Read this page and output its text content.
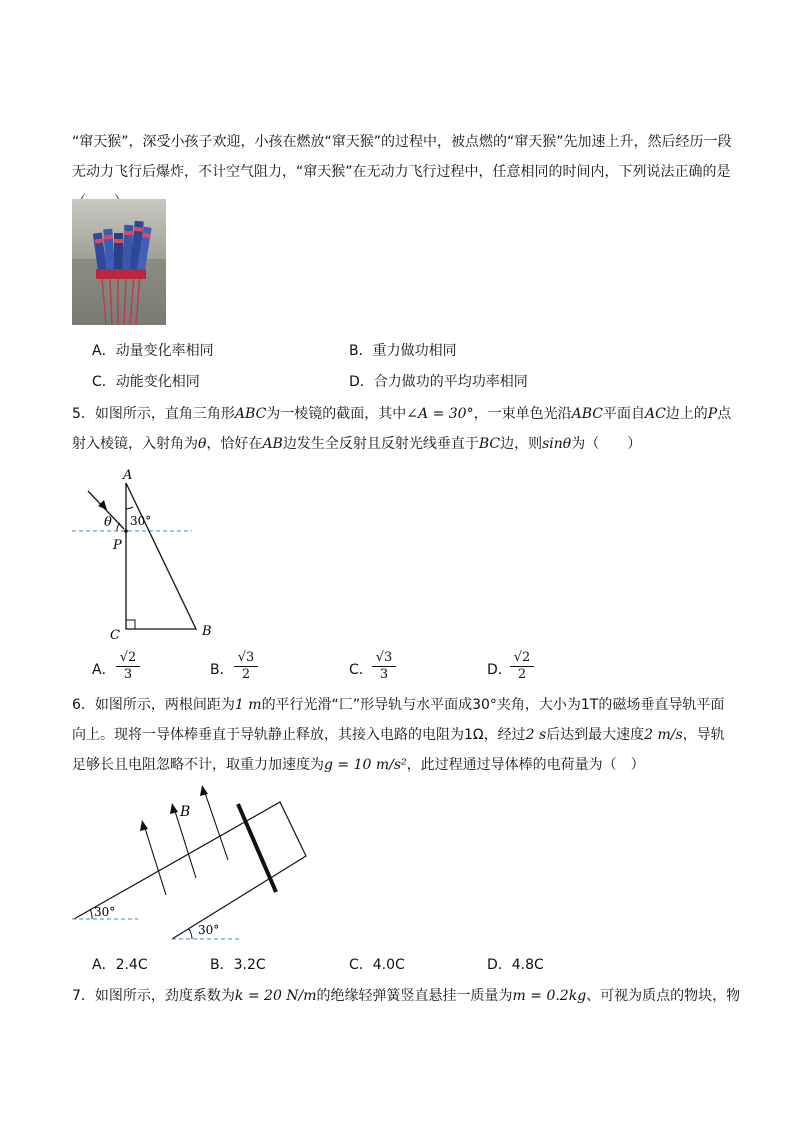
“窜天猴”，深受小孩子欢迎，小孩在燃放“窜天猴”的过程中，被点燃的“窜天猴”先加速上升，然后经历一段
无动力飞行后爆炸，不计空气阻力，“窜天猴”在无动力飞行过程中，任意相同的时间内，下列说法正确的是

A．动量变化率相同	B．重力做功相同
C．动能变化相同	D．合力做功的平均功率相同

5．如图所示，直角三角形ABC为一棱镜的截面，其中∠A = 30°，一束单色光沿ABC平面自AC边上的P点
射入棱镜，入射角为θ，恰好在AB边发生全反射且反射光线垂直于BC边，则sinθ为（　　）

A
30°
θ
P
C	B
A． $\frac{√2}{3}$	B． $\frac{√3}{2}$	C． $\frac{√3}{3}$	D．
$\frac{√2}{2}$

6．如图所示，两根间距为1 m的平行光滑“匚”形导轨与水平面成30°夹角，大小为1T的磁场垂直导轨平面
向上。现将一导体棒垂直于导轨静止释放，其接入电路的电阻为1Ω，经过2 s后达到最大速度2 m/s，导轨
足够长且电阻忽略不计，取重力加速度为g = 10 m/s²，此过程通过导体棒的电荷量为（　）

B
30°
30°
A．2.4C	B．3.2C	C．4.0C	D．4.8C

7．如图所示，劲度系数为k = 20 N/m的绝缘轻弹簧竖直悬挂一质量为m = 0.2kg、可视为质点的物块，物
